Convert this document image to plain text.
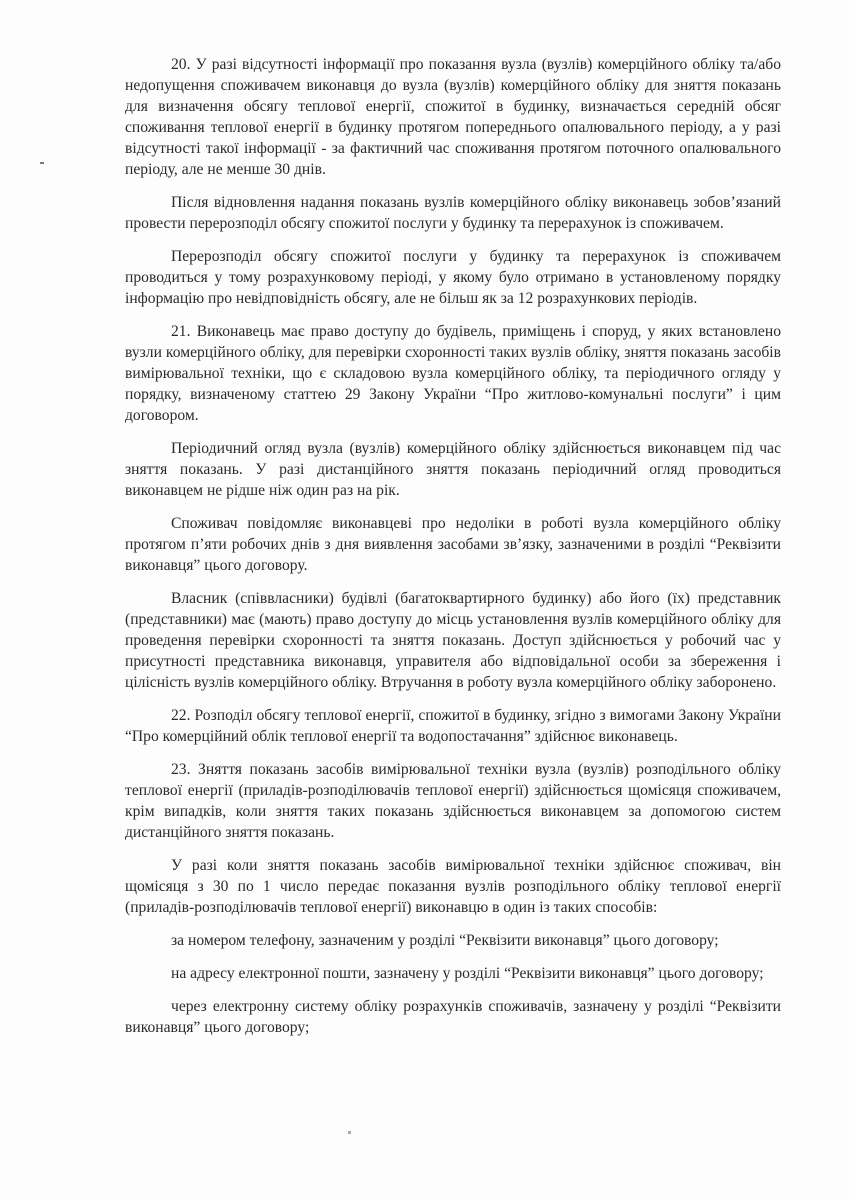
20. У разі відсутності інформації про показання вузла (вузлів) комерційного обліку та/або недопущення споживачем виконавця до вузла (вузлів) комерційного обліку для зняття показань для визначення обсягу теплової енергії, спожитої в будинку, визначається середній обсяг споживання теплової енергії в будинку протягом попереднього опалювального періоду, а у разі відсутності такої інформації - за фактичний час споживання протягом поточного опалювального періоду, але не менше 30 днів.

Після відновлення надання показань вузлів комерційного обліку виконавець зобов’язаний провести перерозподіл обсягу спожитої послуги у будинку та перерахунок із споживачем.

Перерозподіл обсягу спожитої послуги у будинку та перерахунок із споживачем проводиться у тому розрахунковому періоді, у якому було отримано в установленому порядку інформацію про невідповідність обсягу, але не більш як за 12 розрахункових періодів.

21. Виконавець має право доступу до будівель, приміщень і споруд, у яких встановлено вузли комерційного обліку, для перевірки схоронності таких вузлів обліку, зняття показань засобів вимірювальної техніки, що є складовою вузла комерційного обліку, та періодичного огляду у порядку, визначеному статтею 29 Закону України “Про житлово-комунальні послуги” і цим договором.

Періодичний огляд вузла (вузлів) комерційного обліку здійснюється виконавцем під час зняття показань. У разі дистанційного зняття показань періодичний огляд проводиться виконавцем не рідше ніж один раз на рік.

Споживач повідомляє виконавцеві про недоліки в роботі вузла комерційного обліку протягом п’яти робочих днів з дня виявлення засобами зв’язку, зазначеними в розділі “Реквізити виконавця” цього договору.

Власник (співвласники) будівлі (багатоквартирного будинку) або його (їх) представник (представники) має (мають) право доступу до місць установлення вузлів комерційного обліку для проведення перевірки схоронності та зняття показань. Доступ здійснюється у робочий час у присутності представника виконавця, управителя або відповідальної особи за збереження і цілісність вузлів комерційного обліку. Втручання в роботу вузла комерційного обліку заборонено.

22. Розподіл обсягу теплової енергії, спожитої в будинку, згідно з вимогами Закону України “Про комерційний облік теплової енергії та водопостачання” здійснює виконавець.

23. Зняття показань засобів вимірювальної техніки вузла (вузлів) розподільного обліку теплової енергії (приладів-розподілювачів теплової енергії) здійснюється щомісяця споживачем, крім випадків, коли зняття таких показань здійснюється виконавцем за допомогою систем дистанційного зняття показань.

У разі коли зняття показань засобів вимірювальної техніки здійснює споживач, він щомісяця з 30 по 1 число передає показання вузлів розподільного обліку теплової енергії (приладів-розподілювачів теплової енергії) виконавцю в один із таких способів:

за номером телефону, зазначеним у розділі “Реквізити виконавця” цього договору;

на адресу електронної пошти, зазначену у розділі “Реквізити виконавця” цього договору;

через електронну систему обліку розрахунків споживачів, зазначену у розділі “Реквізити виконавця” цього договору;
